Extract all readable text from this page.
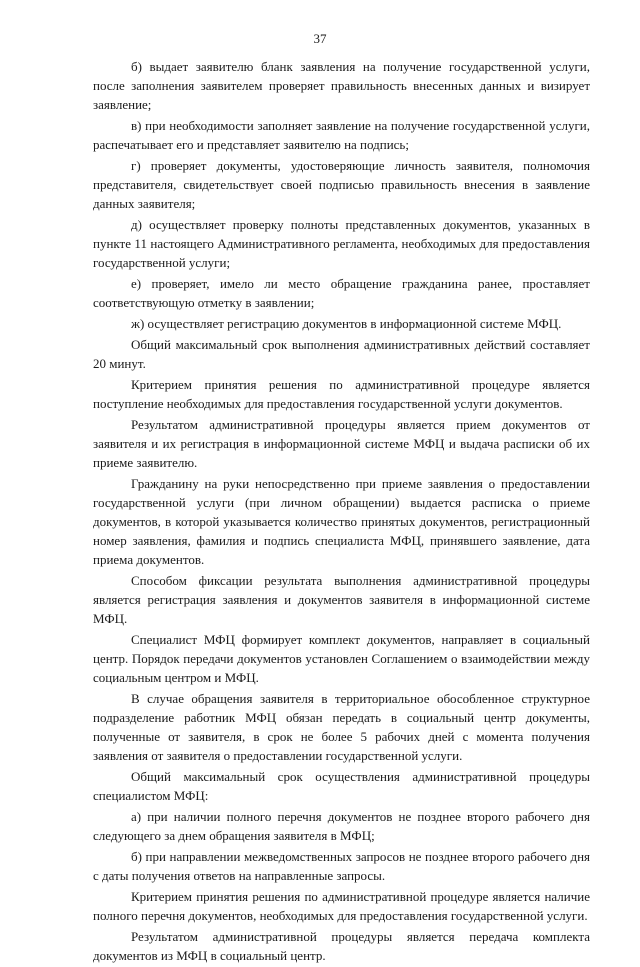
37

б) выдает заявителю бланк заявления на получение государственной услуги, после заполнения заявителем проверяет правильность внесенных данных и визирует заявление;

в) при необходимости заполняет заявление на получение государственной услуги, распечатывает его и представляет заявителю на подпись;

г) проверяет документы, удостоверяющие личность заявителя, полномочия представителя, свидетельствует своей подписью правильность внесения в заявление данных заявителя;

д) осуществляет проверку полноты представленных документов, указанных в пункте 11 настоящего Административного регламента, необходимых для предоставления государственной услуги;

е) проверяет, имело ли место обращение гражданина ранее, проставляет соответствующую отметку в заявлении;

ж) осуществляет регистрацию документов в информационной системе МФЦ.

Общий максимальный срок выполнения административных действий составляет 20 минут.

Критерием принятия решения по административной процедуре является поступление необходимых для предоставления государственной услуги документов.

Результатом административной процедуры является прием документов от заявителя и их регистрация в информационной системе МФЦ и выдача расписки об их приеме заявителю.

Гражданину на руки непосредственно при приеме заявления о предоставлении государственной услуги (при личном обращении) выдается расписка о приеме документов, в которой указывается количество принятых документов, регистрационный номер заявления, фамилия и подпись специалиста МФЦ, принявшего заявление, дата приема документов.

Способом фиксации результата выполнения административной процедуры является регистрация заявления и документов заявителя в информационной системе МФЦ.

Специалист МФЦ формирует комплект документов, направляет в социальный центр. Порядок передачи документов установлен Соглашением о взаимодействии между социальным центром и МФЦ.

В случае обращения заявителя в территориальное обособленное структурное подразделение работник МФЦ обязан передать в социальный центр документы, полученные от заявителя, в срок не более 5 рабочих дней с момента получения заявления от заявителя о предоставлении государственной услуги.

Общий максимальный срок осуществления административной процедуры специалистом МФЦ:

а) при наличии полного перечня документов не позднее второго рабочего дня следующего за днем обращения заявителя в МФЦ;

б) при направлении межведомственных запросов не позднее второго рабочего дня с даты получения ответов на направленные запросы.

Критерием принятия решения по административной процедуре является наличие полного перечня документов, необходимых для предоставления государственной услуги.

Результатом административной процедуры является передача комплекта документов из МФЦ в социальный центр.
